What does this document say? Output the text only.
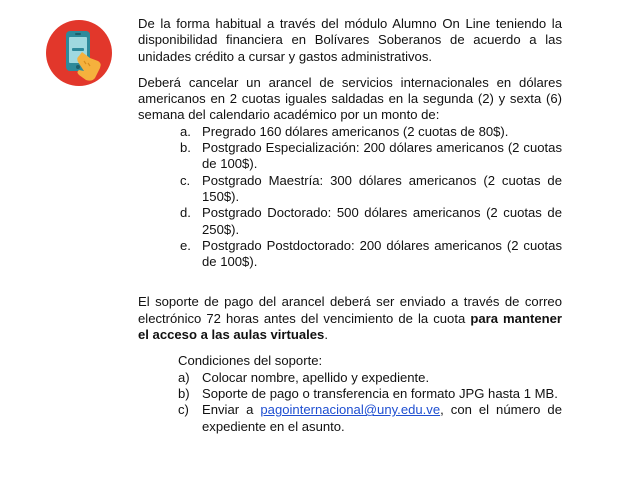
De la forma habitual a través del módulo Alumno On Line teniendo la disponibilidad financiera en Bolívares Soberanos de acuerdo a las unidades crédito a cursar y gastos administrativos.

Deberá cancelar un arancel de servicios internacionales en dólares americanos en 2 cuotas iguales saldadas en la segunda (2) y sexta (6) semana del calendario académico por un monto de:

a. Pregrado 160 dólares americanos (2 cuotas de 80$).
b. Postgrado Especialización: 200 dólares americanos (2 cuotas de 100$).
c. Postgrado Maestría: 300 dólares americanos (2 cuotas de 150$).
d. Postgrado Doctorado: 500 dólares americanos (2 cuotas de 250$).
e. Postgrado Postdoctorado: 200 dólares americanos (2 cuotas de 100$).

El soporte de pago del arancel deberá ser enviado a través de correo electrónico 72 horas antes del vencimiento de la cuota para mantener el acceso a las aulas virtuales.

Condiciones del soporte:

a) Colocar nombre, apellido y expediente.
b) Soporte de pago o transferencia en formato JPG hasta 1 MB.
c) Enviar a pagointernacional@uny.edu.ve, con el número de expediente en el asunto.
